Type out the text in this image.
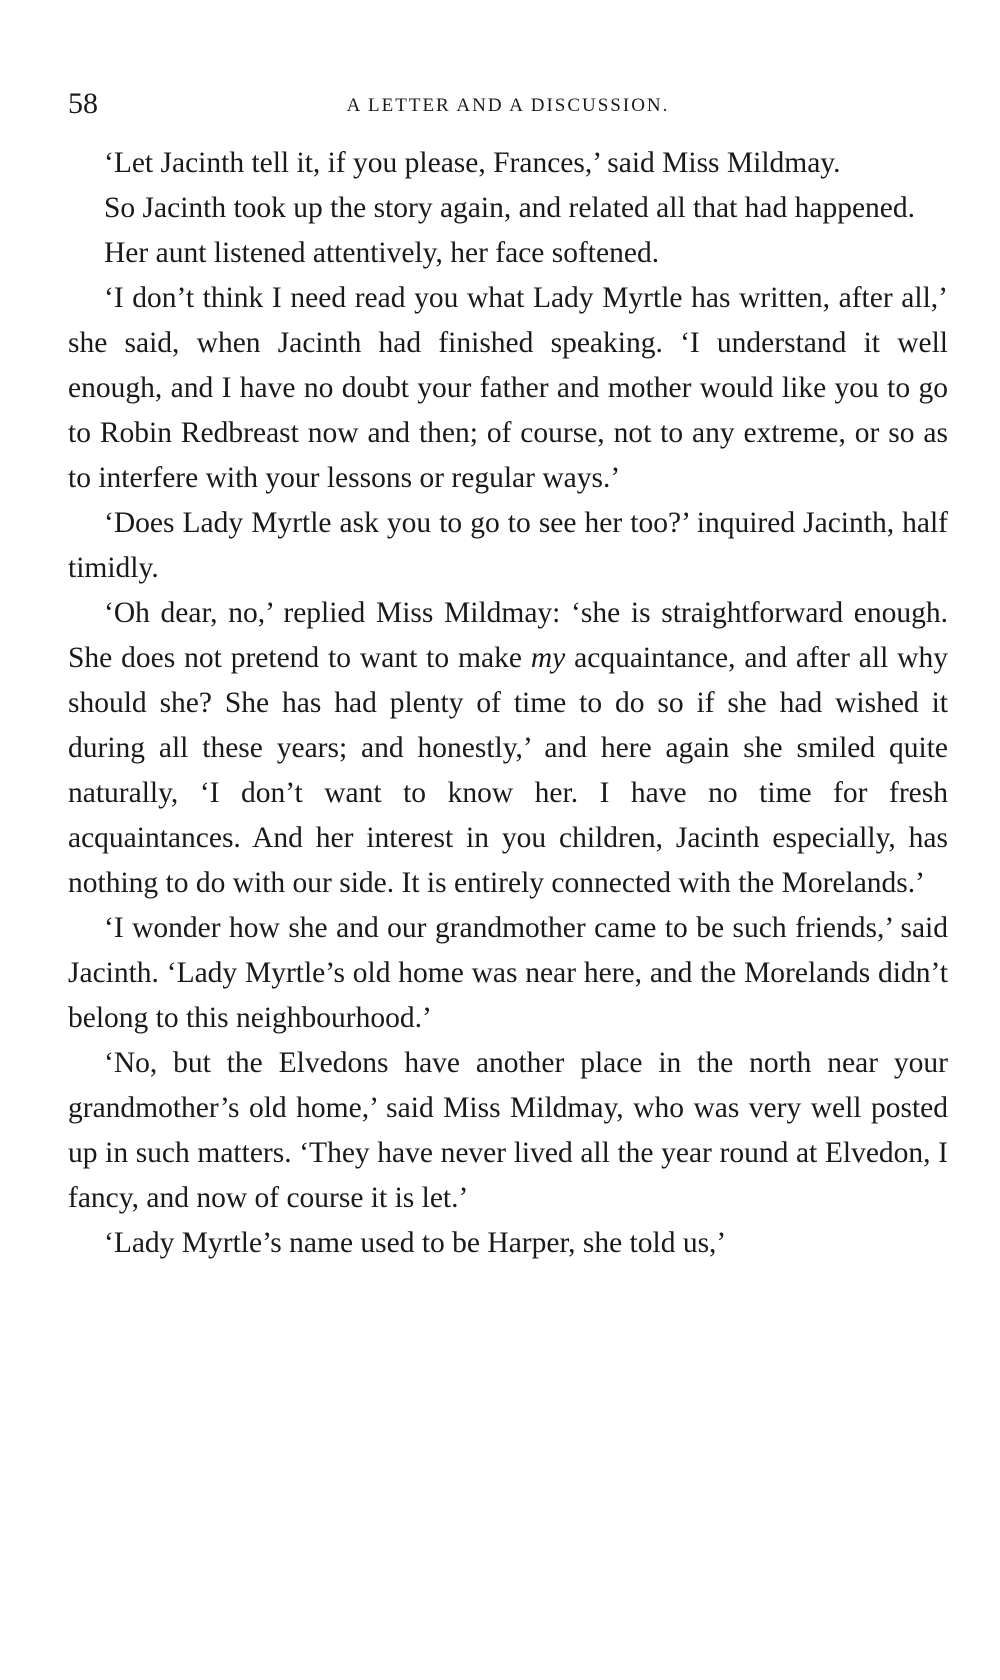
58	A LETTER AND A DISCUSSION.

‘Let Jacinth tell it, if you please, Frances,’ said Miss Mildmay.

So Jacinth took up the story again, and related all that had happened.

Her aunt listened attentively, her face softened.

‘I don’t think I need read you what Lady Myrtle has written, after all,’ she said, when Jacinth had finished speaking. ‘I understand it well enough, and I have no doubt your father and mother would like you to go to Robin Redbreast now and then; of course, not to any extreme, or so as to interfere with your lessons or regular ways.’

‘Does Lady Myrtle ask you to go to see her too?’ inquired Jacinth, half timidly.

‘Oh dear, no,’ replied Miss Mildmay: ‘she is straightforward enough. She does not pretend to want to make my acquaintance, and after all why should she? She has had plenty of time to do so if she had wished it during all these years; and honestly,’ and here again she smiled quite naturally, ‘I don’t want to know her. I have no time for fresh acquaintances. And her interest in you children, Jacinth especially, has nothing to do with our side. It is entirely connected with the Morelands.’

‘I wonder how she and our grandmother came to be such friends,’ said Jacinth. ‘Lady Myrtle’s old home was near here, and the Morelands didn’t belong to this neighbourhood.’

‘No, but the Elvedons have another place in the north near your grandmother’s old home,’ said Miss Mildmay, who was very well posted up in such matters. ‘They have never lived all the year round at Elvedon, I fancy, and now of course it is let.’

‘Lady Myrtle’s name used to be Harper, she told us,’
